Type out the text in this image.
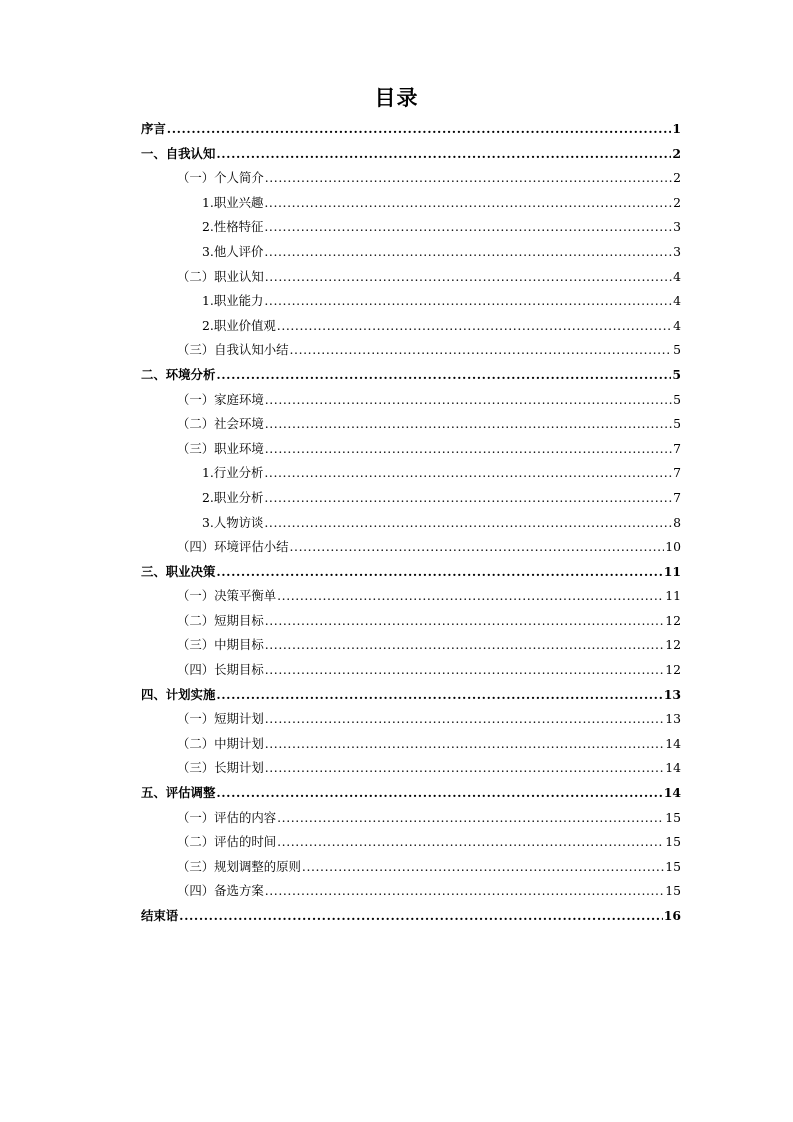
目录
序言 .....	1
一、自我认知 .....	2
（一）个人简介 .....	2
1.职业兴趣 .....	2
2.性格特征 .....	3
3.他人评价 .....	3
（二）职业认知 .....	4
1.职业能力 .....	4
2.职业价值观 .....	4
（三）自我认知小结 .....	5
二、环境分析 .....	5
（一）家庭环境 .....	5
（二）社会环境 .....	5
（三）职业环境 .....	7
1.行业分析 .....	7
2.职业分析 .....	7
3.人物访谈 .....	8
（四）环境评估小结 .....	10
三、职业决策 .....	11
（一）决策平衡单 .....	11
（二）短期目标 .....	12
（三）中期目标 .....	12
（四）长期目标 .....	12
四、计划实施 .....	13
（一）短期计划 .....	13
（二）中期计划 .....	14
（三）长期计划 .....	14
五、评估调整 .....	14
（一）评估的内容 .....	15
（二）评估的时间 .....	15
（三）规划调整的原则 .....	15
（四）备选方案 .....	15
结束语 .....	16
